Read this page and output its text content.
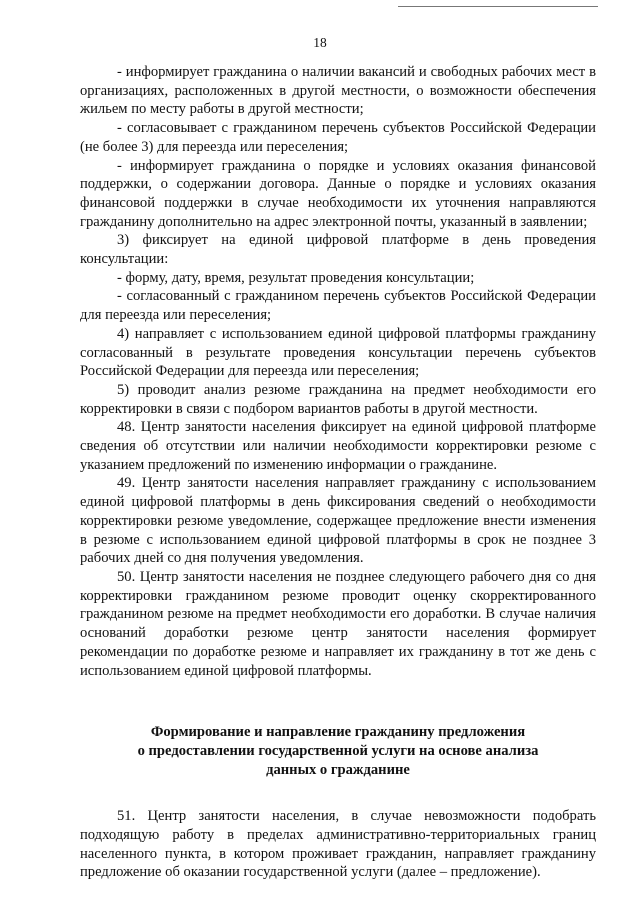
18

- информирует гражданина о наличии вакансий и свободных рабочих мест в организациях, расположенных в другой местности, о возможности обеспечения жильем по месту работы в другой местности;

- согласовывает с гражданином перечень субъектов Российской Федерации (не более 3) для переезда или переселения;

- информирует гражданина о порядке и условиях оказания финансовой поддержки, о содержании договора. Данные о порядке и условиях оказания финансовой поддержки в случае необходимости их уточнения направляются гражданину дополнительно на адрес электронной почты, указанный в заявлении;

3) фиксирует на единой цифровой платформе в день проведения консультации:

- форму, дату, время, результат проведения консультации;

- согласованный с гражданином перечень субъектов Российской Федерации для переезда или переселения;

4) направляет с использованием единой цифровой платформы гражданину согласованный в результате проведения консультации перечень субъектов Российской Федерации для переезда или переселения;

5) проводит анализ резюме гражданина на предмет необходимости его корректировки в связи с подбором вариантов работы в другой местности.

48. Центр занятости населения фиксирует на единой цифровой платформе сведения об отсутствии или наличии необходимости корректировки резюме с указанием предложений по изменению информации о гражданине.

49. Центр занятости населения направляет гражданину с использованием единой цифровой платформы в день фиксирования сведений о необходимости корректировки резюме уведомление, содержащее предложение внести изменения в резюме с использованием единой цифровой платформы в срок не позднее 3 рабочих дней со дня получения уведомления.

50. Центр занятости населения не позднее следующего рабочего дня со дня корректировки гражданином резюме проводит оценку скорректированного гражданином резюме на предмет необходимости его доработки. В случае наличия оснований доработки резюме центр занятости населения формирует рекомендации по доработке резюме и направляет их гражданину в тот же день с использованием единой цифровой платформы.

Формирование и направление гражданину предложения
о предоставлении государственной услуги на основе анализа
данных о гражданине

51. Центр занятости населения, в случае невозможности подобрать подходящую работу в пределах административно-территориальных границ населенного пункта, в котором проживает гражданин, направляет гражданину предложение об оказании государственной услуги (далее – предложение).
